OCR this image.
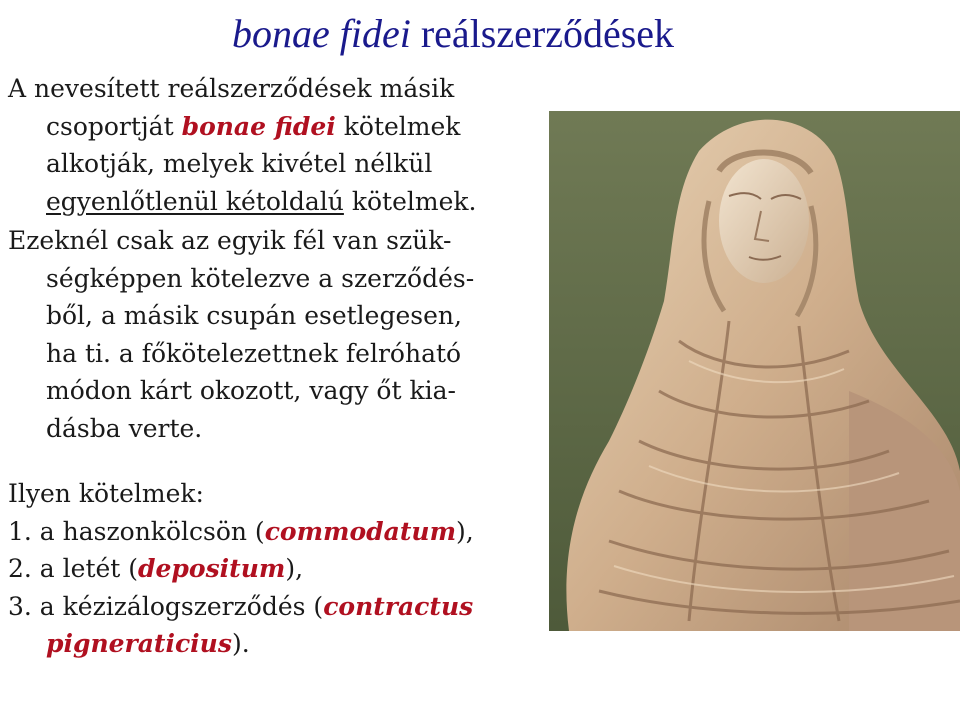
bonae fidei reálszerződések
A nevesített reálszerződések másik
csoportját bonae fidei kötelmek
alkotják, melyek kivétel nélkül
egyenlőtlenül kétoldalú kötelmek.
Ezeknél csak az egyik fél van szük-
ségképpen kötelezve a szerződés-
ből, a másik csupán esetlegesen,
ha ti. a főkötelezettnek felróható
módon kárt okozott, vagy őt kia-
dásba verte.
Ilyen kötelmek:
1. a haszonkölcsön (commodatum),
2. a letét (depositum),
3. a kézizálogszerződés (contractus
pigneraticius).
